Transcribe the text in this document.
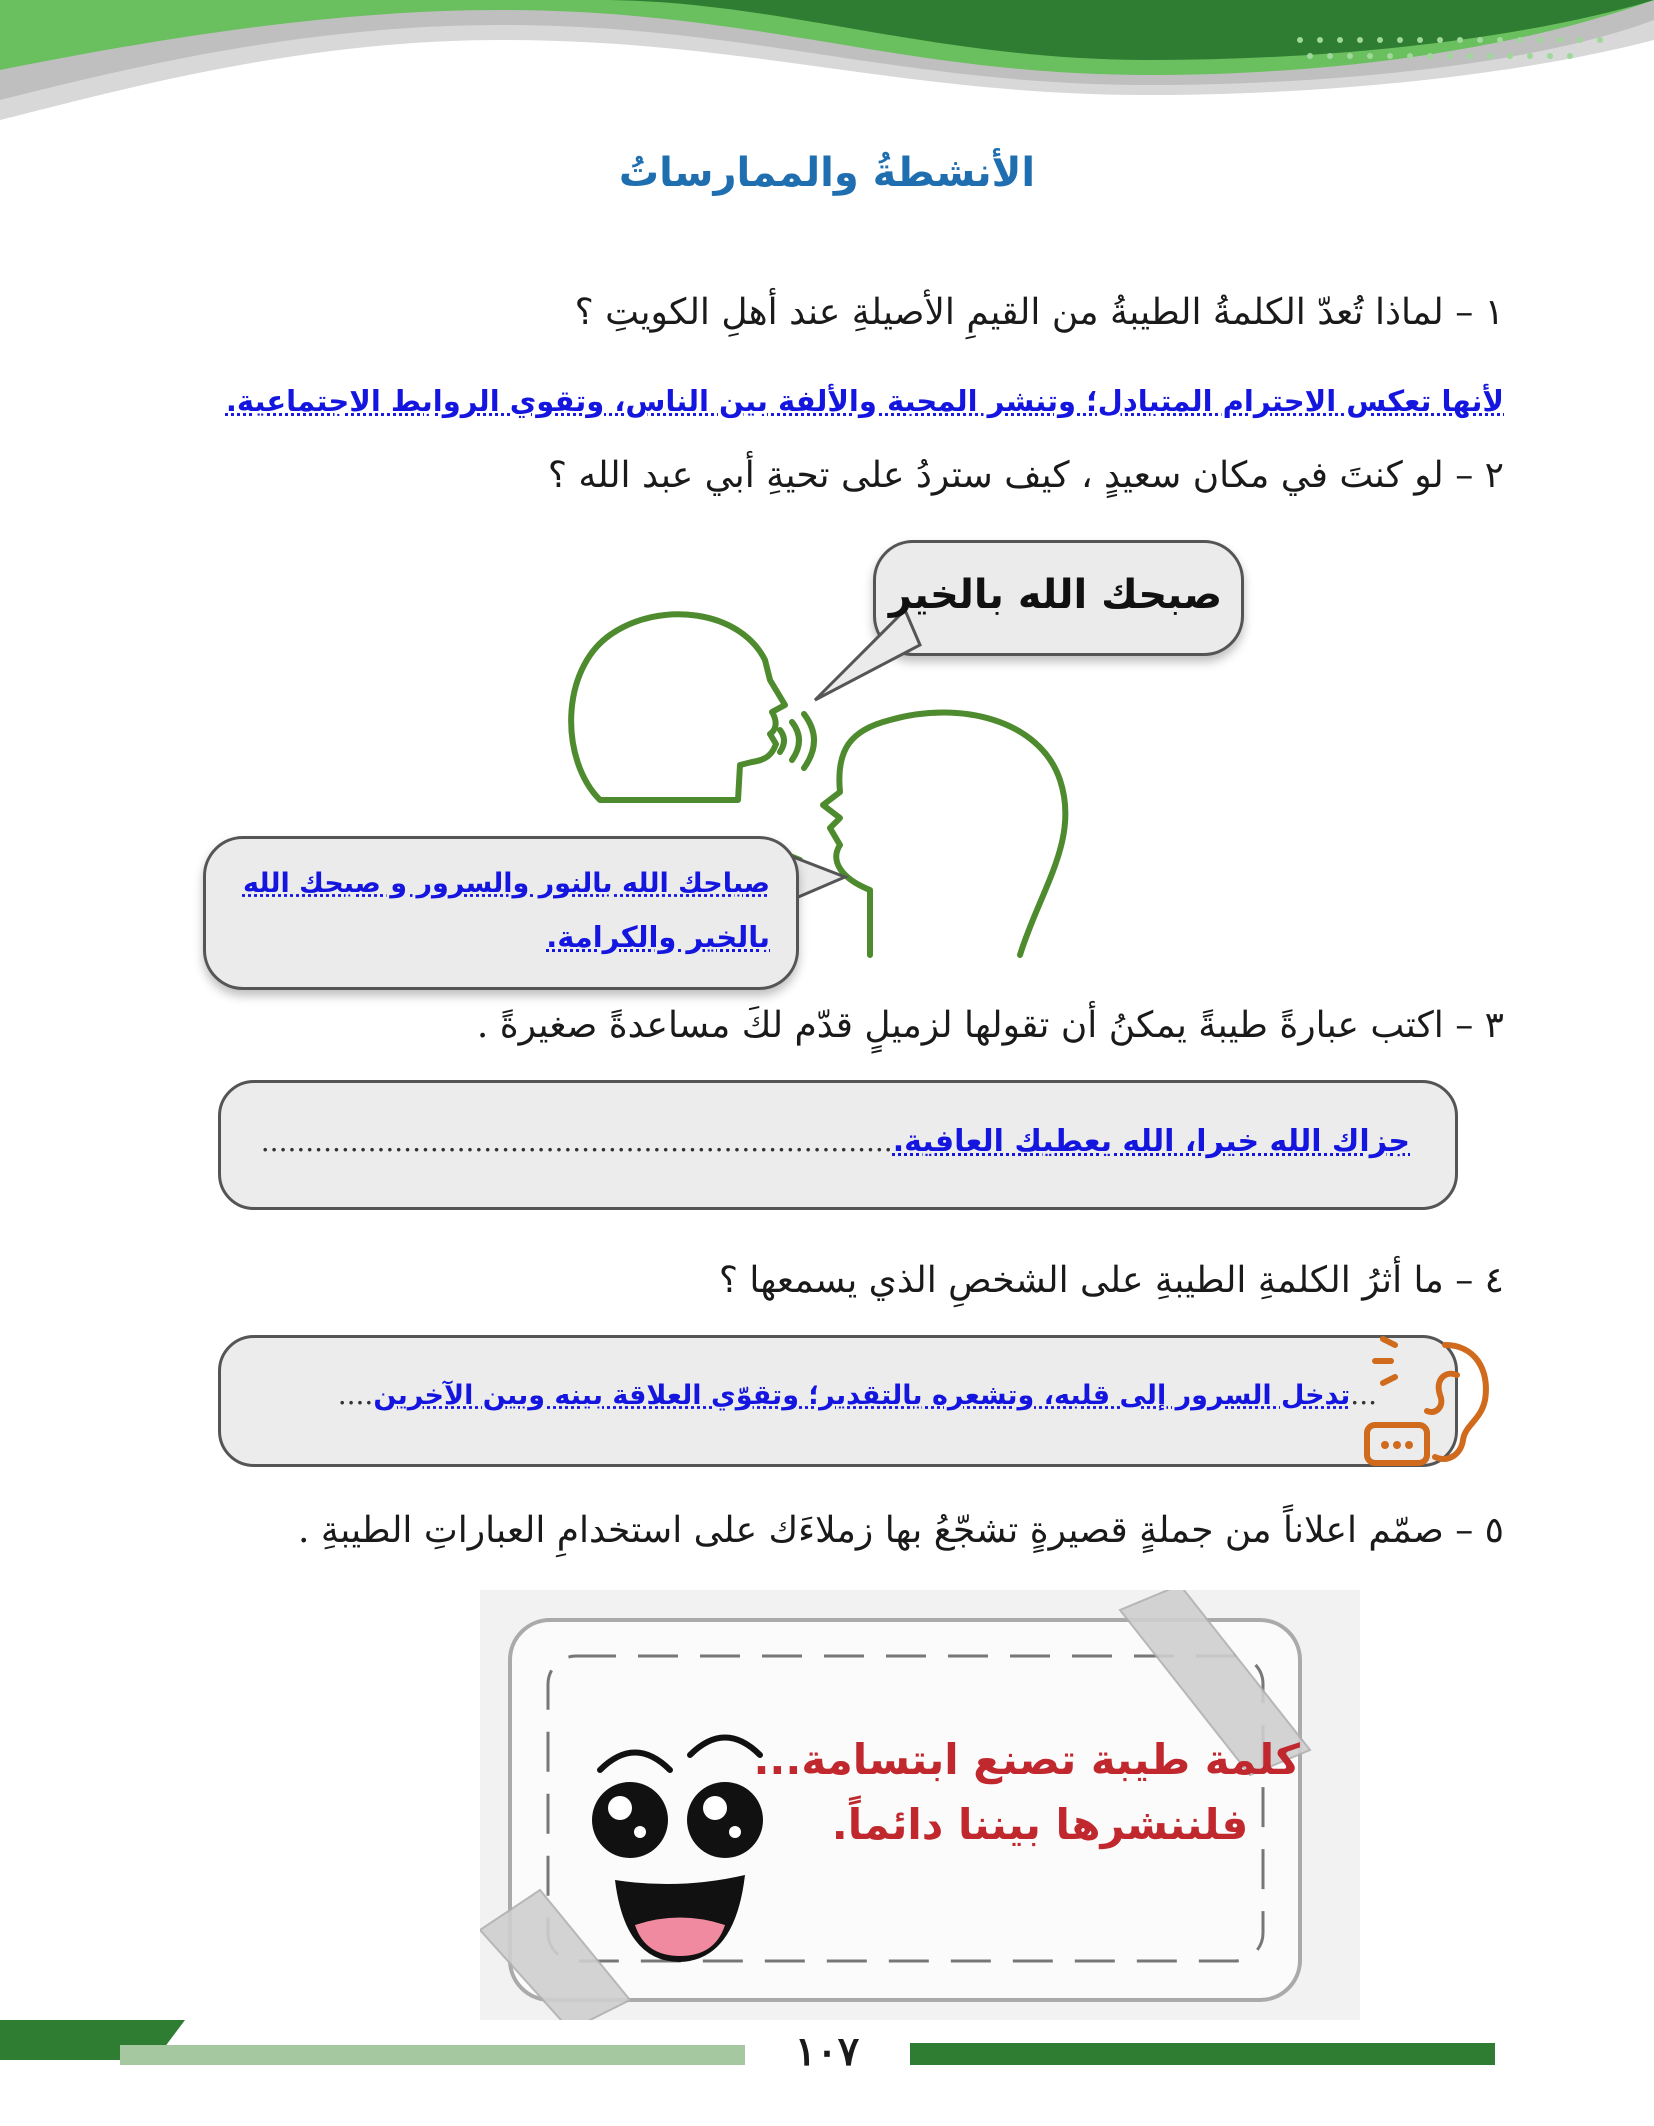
الأنشطةُ والممارساتُ
١ – لماذا تُعدّ الكلمةُ الطيبةُ من القيمِ الأصيلةِ عند أهلِ الكويتِ ؟
لأنها تعكس الاحترام المتبادل؛ وتنشر المحبة والألفة بين الناس، وتقوي الروابط الاجتماعية.
٢ – لو كنتَ في مكان سعيدٍ ، كيف ستردُ على تحيةِ أبي عبد الله ؟
صبحك الله بالخير
صباحك الله بالنور والسرور و صبحك الله
بالخير والكرامة.
٣ – اكتب عبارةً طيبةً يمكنُ أن تقولها لزميلٍ قدّم لكَ مساعدةً صغيرةً .
جزاك الله خيرا، الله يعطيك العافية........................................................................
٤ – ما أثرُ الكلمةِ الطيبةِ على الشخصِ الذي يسمعها ؟
...تدخل السرور إلى قلبه، وتشعره بالتقدير؛ وتقوّي العلاقة بينه وبين الآخرين....
٥ – صمّم اعلاناً من جملةٍ قصيرةٍ تشجّعُ بها زملاءَك على استخدامِ العباراتِ الطيبةِ .
كلمة طيبة تصنع ابتسامة...
فلننشرها بيننا دائماً.
١٠٧
